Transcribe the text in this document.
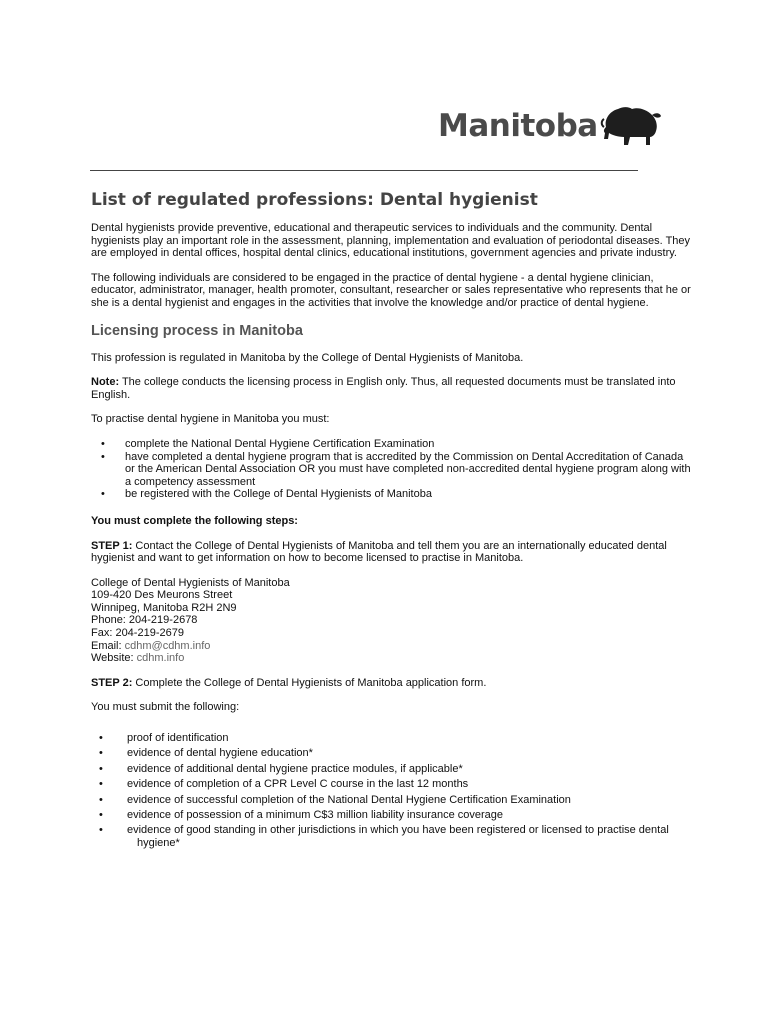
Manitoba
List of regulated professions: Dental hygienist

Dental hygienists provide preventive, educational and therapeutic services to individuals and the community. Dental hygienists play an important role in the assessment, planning, implementation and evaluation of periodontal diseases. They are employed in dental offices, hospital dental clinics, educational institutions, government agencies and private industry.

The following individuals are considered to be engaged in the practice of dental hygiene - a dental hygiene clinician, educator, administrator, manager, health promoter, consultant, researcher or sales representative who represents that he or she is a dental hygienist and engages in the activities that involve the knowledge and/or practice of dental hygiene.

Licensing process in Manitoba

This profession is regulated in Manitoba by the College of Dental Hygienists of Manitoba.

Note: The college conducts the licensing process in English only. Thus, all requested documents must be translated into English.

To practise dental hygiene in Manitoba you must:

• complete the National Dental Hygiene Certification Examination
• have completed a dental hygiene program that is accredited by the Commission on Dental Accreditation of Canada or the American Dental Association OR you must have completed non-accredited dental hygiene program along with a competency assessment
• be registered with the College of Dental Hygienists of Manitoba

You must complete the following steps:

STEP 1: Contact the College of Dental Hygienists of Manitoba and tell them you are an internationally educated dental hygienist and want to get information on how to become licensed to practise in Manitoba.

College of Dental Hygienists of Manitoba
109-420 Des Meurons Street
Winnipeg, Manitoba R2H 2N9
Phone: 204-219-2678
Fax: 204-219-2679
Email: cdhm@cdhm.info
Website: cdhm.info

STEP 2: Complete the College of Dental Hygienists of Manitoba application form.

You must submit the following:

• proof of identification
• evidence of dental hygiene education*
• evidence of additional dental hygiene practice modules, if applicable*
• evidence of completion of a CPR Level C course in the last 12 months
• evidence of successful completion of the National Dental Hygiene Certification Examination
• evidence of possession of a minimum C$3 million liability insurance coverage
• evidence of good standing in other jurisdictions in which you have been registered or licensed to practise dental
hygiene*
